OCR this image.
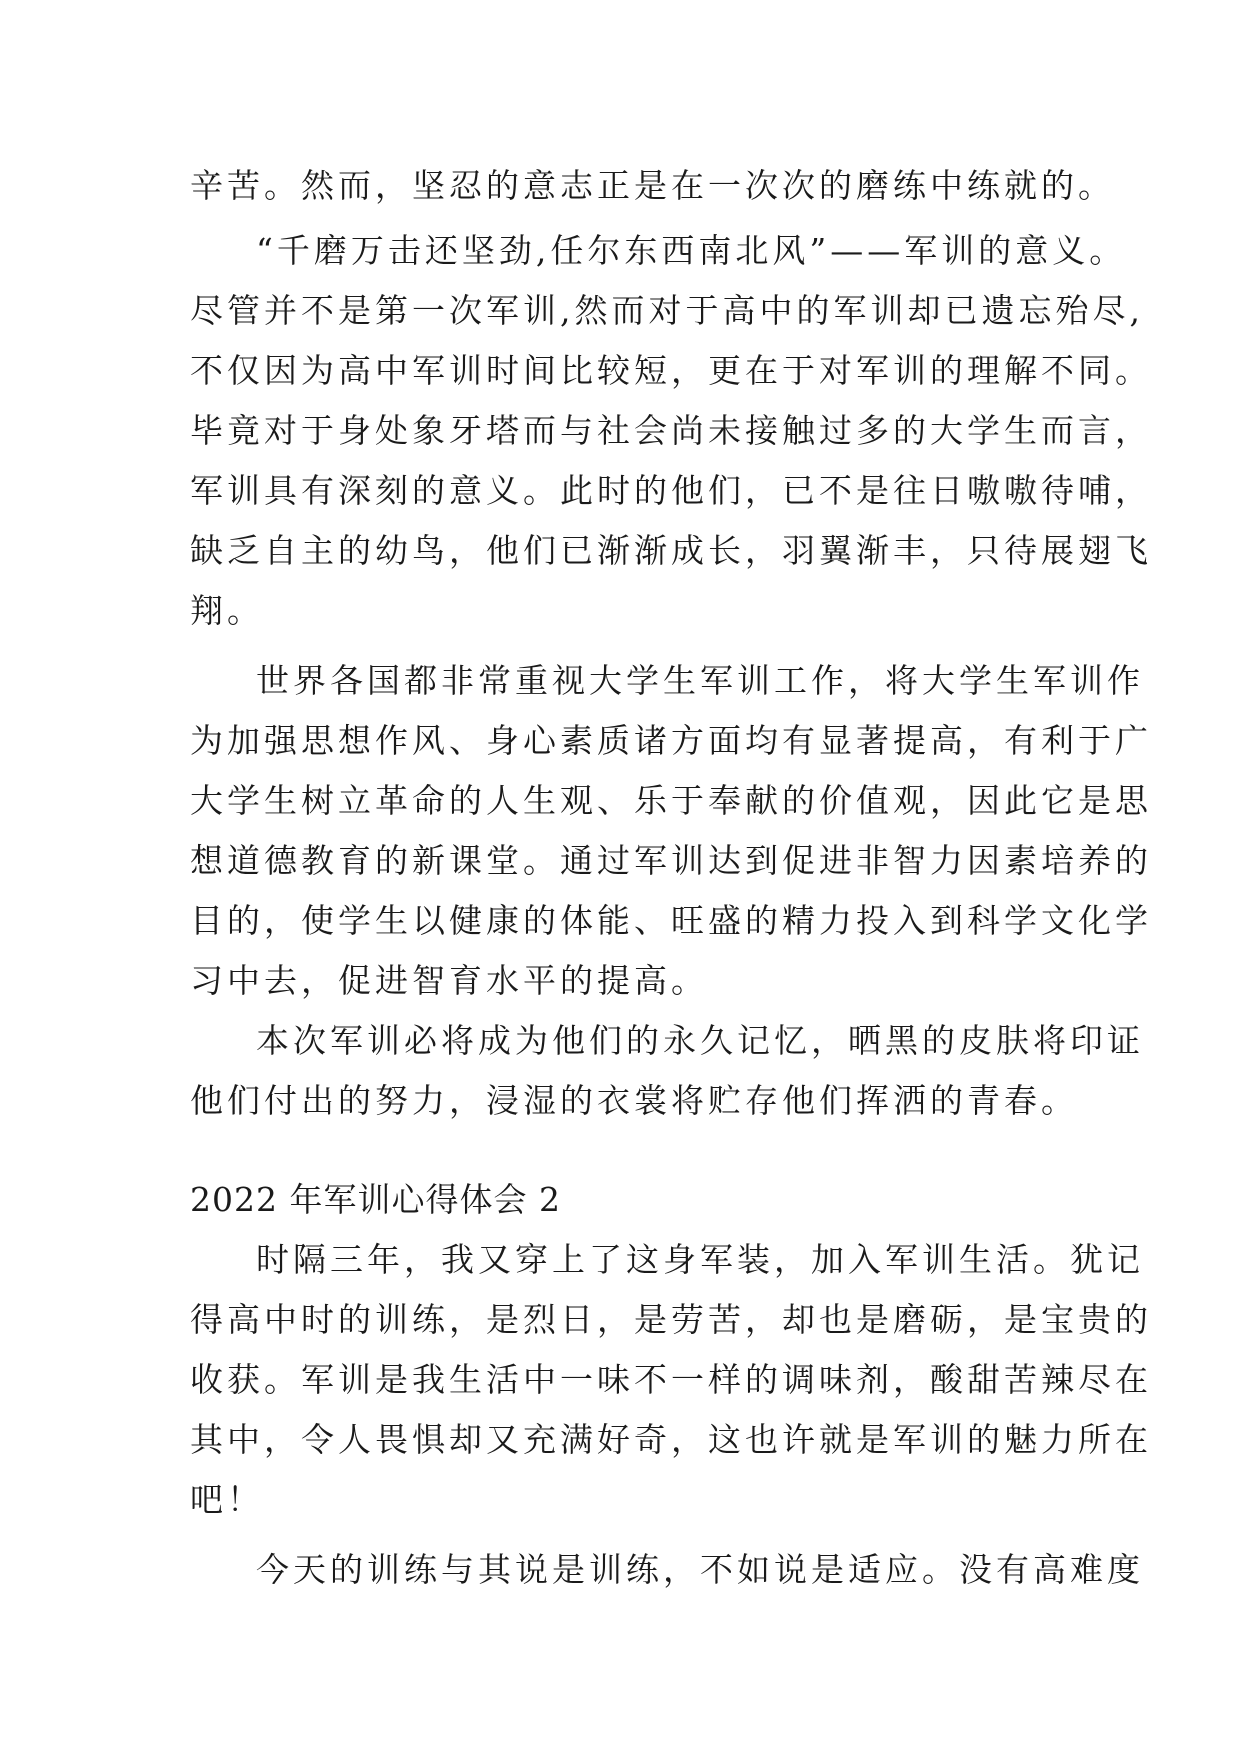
辛苦。然而，坚忍的意志正是在一次次的磨练中练就的。
“千磨万击还坚劲,任尔东西南北风”——军训的意义。
尽管并不是第一次军训,然而对于高中的军训却已遗忘殆尽,
不仅因为高中军训时间比较短，更在于对军训的理解不同。
毕竟对于身处象牙塔而与社会尚未接触过多的大学生而言，
军训具有深刻的意义。此时的他们，已不是往日嗷嗷待哺，
缺乏自主的幼鸟，他们已渐渐成长，羽翼渐丰，只待展翅飞
翔。
世界各国都非常重视大学生军训工作，将大学生军训作
为加强思想作风、身心素质诸方面均有显著提高，有利于广
大学生树立革命的人生观、乐于奉献的价值观，因此它是思
想道德教育的新课堂。通过军训达到促进非智力因素培养的
目的，使学生以健康的体能、旺盛的精力投入到科学文化学
习中去，促进智育水平的提高。
本次军训必将成为他们的永久记忆，晒黑的皮肤将印证
他们付出的努力，浸湿的衣裳将贮存他们挥洒的青春。
2022 年军训心得体会 2
时隔三年，我又穿上了这身军装，加入军训生活。犹记
得高中时的训练，是烈日，是劳苦，却也是磨砺，是宝贵的
收获。军训是我生活中一味不一样的调味剂，酸甜苦辣尽在
其中，令人畏惧却又充满好奇，这也许就是军训的魅力所在
吧！
今天的训练与其说是训练，不如说是适应。没有高难度
